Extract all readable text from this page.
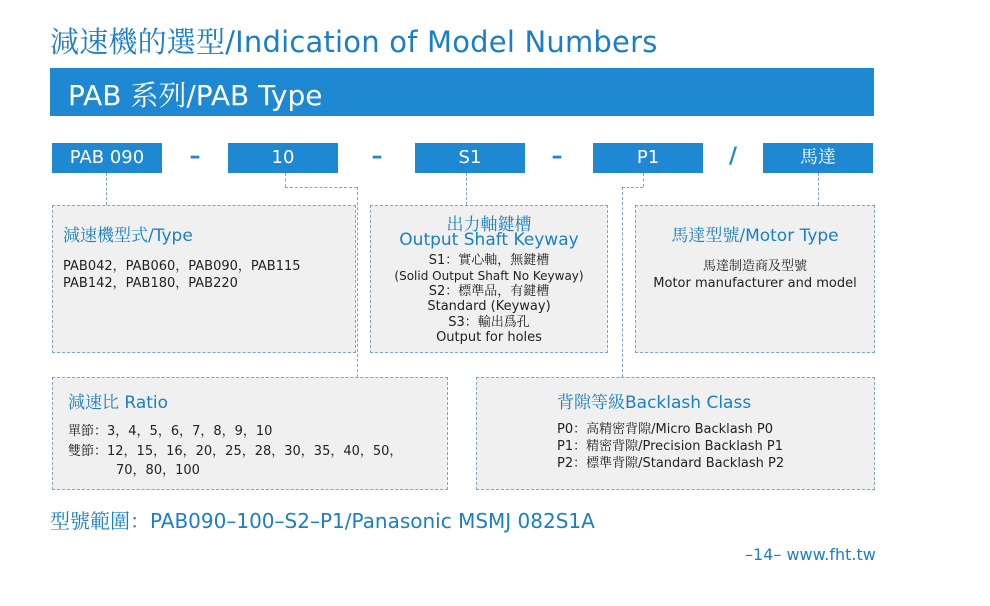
減速機的選型/Indication of Model Numbers
PAB 系列/PAB Type
PAB 090	–	10	–	S1	–	P1	/	馬達
減速機型式/Type
PAB042，PAB060，PAB090，PAB115
PAB142，PAB180，PAB220
出力軸鍵槽
Output Shaft Keyway
S1：實心軸，無鍵槽
(Solid Output Shaft No Keyway)
S2：標準品，有鍵槽
Standard (Keyway)
S3：輸出爲孔
Output for holes
馬達型號/Motor Type
馬達制造商及型號
Motor manufacturer and model
減速比 Ratio
單節：3，4，5，6，7，8，9，10
雙節：12，15，16，20，25，28，30，35，40，50，
70，80，100
背隙等級Backlash Class
P0：高精密背隙/Micro Backlash P0
P1：精密背隙/Precision Backlash P1
P2：標準背隙/Standard Backlash P2
型號範圍：PAB090–100–S2–P1/Panasonic MSMJ 082S1A
–14– www.fht.tw
